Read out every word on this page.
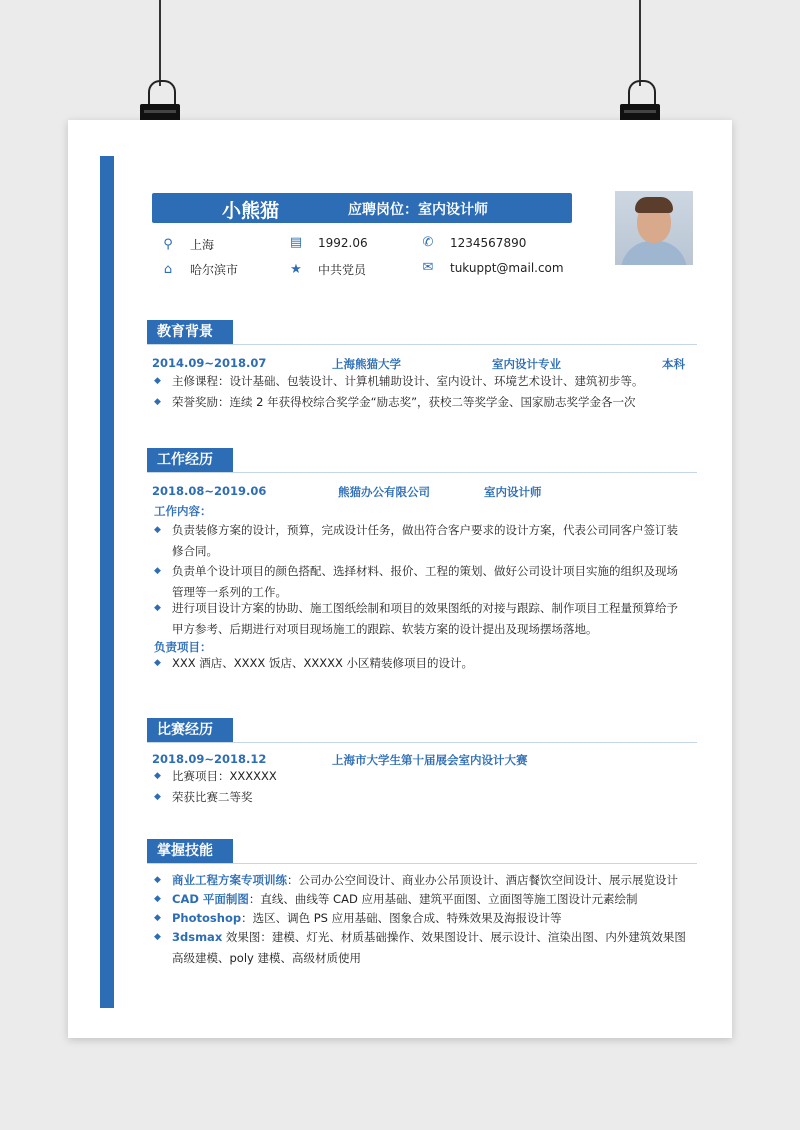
小熊猫	应聘岗位：室内设计师
⚲ 上海	▤ 1992.06	✆ 1234567890
⌂	哈尔滨市	★ 中共党员	✉ tukuppt@mail.com
教育背景
2014.09~2018.07	上海熊猫大学	室内设计专业	本科
◆ 主修课程：设计基础、包装设计、计算机辅助设计、室内设计、环境艺术设计、建筑初步等。
◆ 荣誉奖励：连续 2 年获得校综合奖学金“励志奖”，获校二等奖学金、国家励志奖学金各一次
工作经历
2018.08~2019.06	熊猫办公有限公司	室内设计师
工作内容：
◆ 负责装修方案的设计，预算，完成设计任务，做出符合客户要求的设计方案，代表公司同客户签订装
修合同。
◆ 负责单个设计项目的颜色搭配、选择材料、报价、工程的策划、做好公司设计项目实施的组织及现场
管理等一系列的工作。
◆ 进行项目设计方案的协助、施工图纸绘制和项目的效果图纸的对接与跟踪、制作项目工程量预算给予
甲方参考、后期进行对项目现场施工的跟踪、软装方案的设计提出及现场摆场落地。
负责项目：
◆ XXX 酒店、XXXX 饭店、XXXXX 小区精装修项目的设计。
比赛经历
2018.09~2018.12	上海市大学生第十届展会室内设计大赛
◆ 比赛项目：XXXXXX
◆ 荣获比赛二等奖
掌握技能
◆ 商业工程方案专项训练：公司办公空间设计、商业办公吊顶设计、酒店餐饮空间设计、展示展览设计
◆ CAD 平面制图：直线、曲线等 CAD 应用基础、建筑平面图、立面图等施工图设计元素绘制
◆ Photoshop：选区、调色 PS 应用基础、图象合成、特殊效果及海报设计等
◆ 3dsmax 效果图：建模、灯光、材质基础操作、效果图设计、展示设计、渲染出图、内外建筑效果图
高级建模、poly 建模、高级材质使用
